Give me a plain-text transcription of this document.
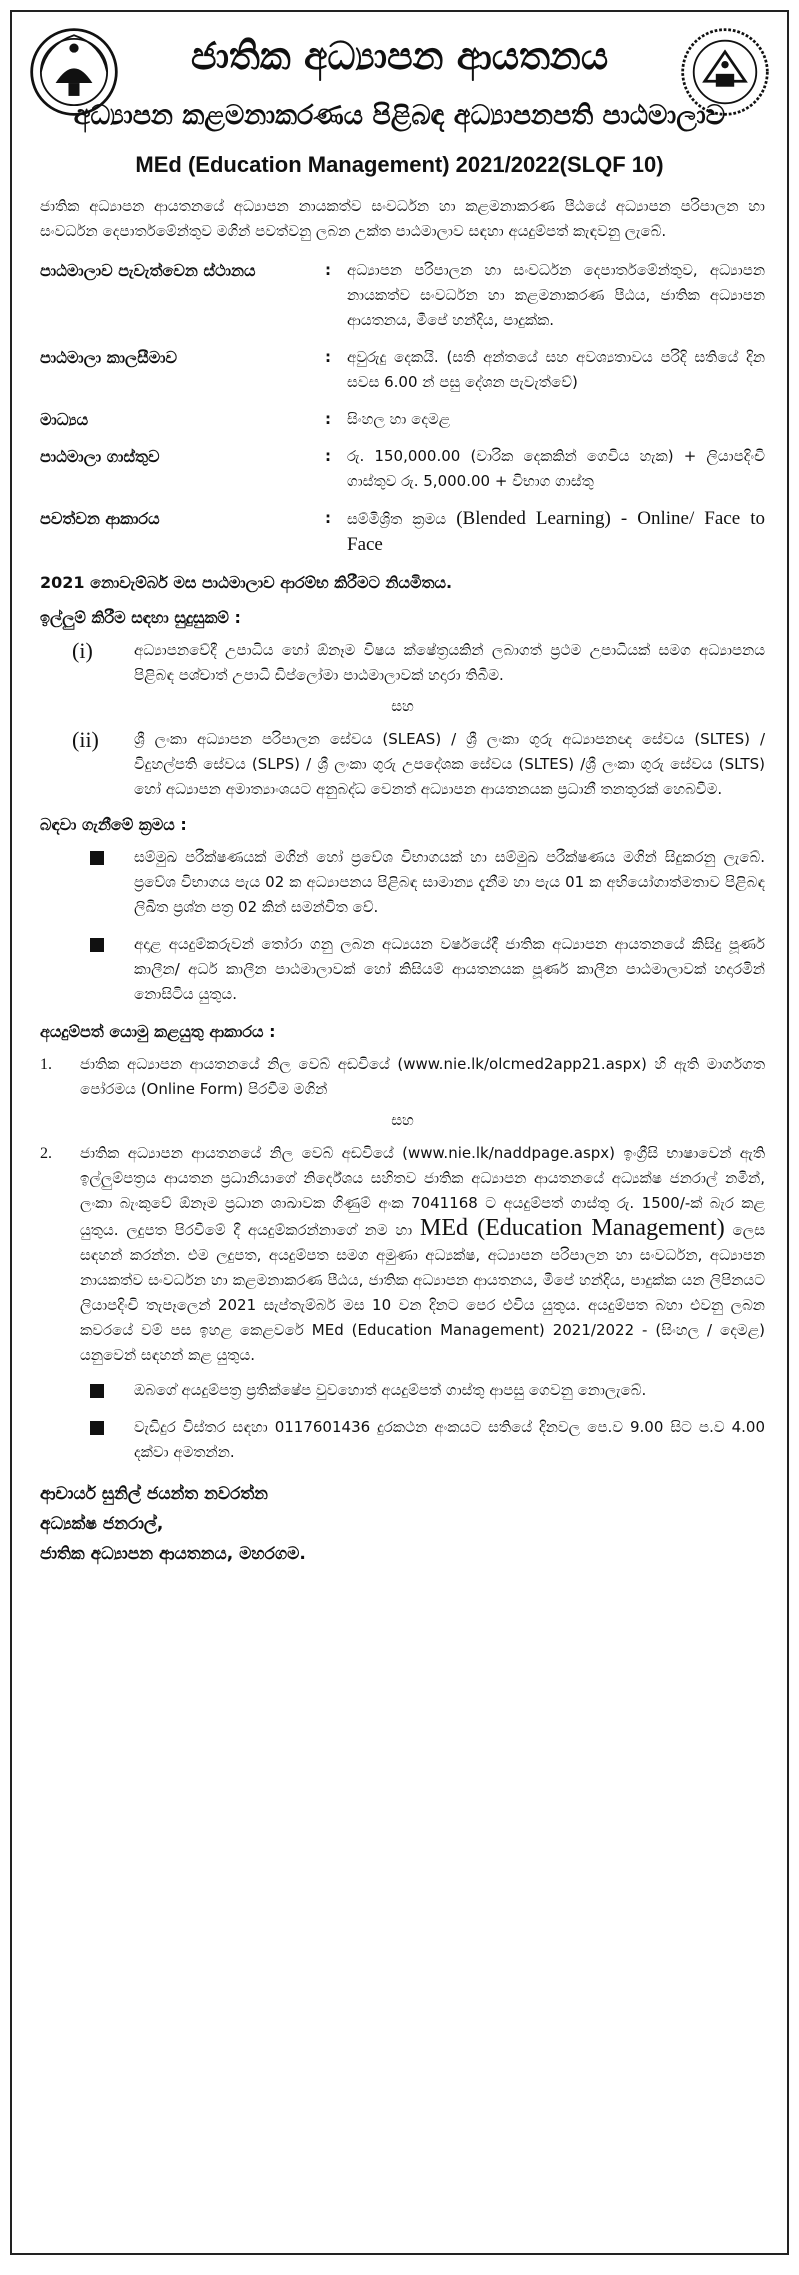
ජාතික අධ්‍යාපන ආයතනය
අධ්‍යාපන කළමනාකරණය පිළිබඳ අධ්‍යාපනපති පාඨමාලාව
MEd (Education Management) 2021/2022(SLQF 10)

ජාතික අධ්‍යාපන ආයතනයේ අධ්‍යාපන නායකත්ව සංවර්ධන හා කළමනාකරණ පීඨයේ අධ්‍යාපන පරිපාලන හා සංවර්ධන දෙපාර්තමේන්තුව මගින් පවත්වනු ලබන උක්ත පාඨමාලාව සඳහා අයදුම්පත් කැඳවනු ලැබේ.

පාඨමාලාව පැවැත්වෙන ස්ථානය	:	අධ්‍යාපන පරිපාලන හා සංවර්ධන දෙපාර්තමේන්තුව, අධ්‍යාපන නායකත්ව සංවර්ධන හා කළමනාකරණ පීඨය, ජාතික අධ්‍යාපන ආයතනය, මීපේ හන්දිය, පාදුක්ක.
පාඨමාලා කාලසීමාව	:	අවුරුදු දෙකයි. (සති අන්තයේ සහ අවශ්‍යතාවය පරිදි සතියේ දින සවස 6.00 න් පසු දේශන පැවැත්වේ)
මාධ්‍යය	:	සිංහල හා දෙමළ
පාඨමාලා ගාස්තුව	:	රු. 150,000.00 (වාරික දෙකකින් ගෙවිය හැක) + ලියාපදිංචි ගාස්තුව රු. 5,000.00 + විභාග ගාස්තු
පවත්වන ආකාරය	:	සම්මිශ්‍රිත ක්‍රමය (Blended Learning) - Online/ Face to Face
2021 නොවැම්බර් මස පාඨමාලාව ආරම්භ කිරීමට නියමිතය.
ඉල්ලුම් කිරීම සඳහා සුදුසුකම් :
(i)	අධ්‍යාපනවේදී උපාධිය හෝ ඕනෑම විෂය ක්ෂේත්‍රයකින් ලබාගත් ප්‍රථම උපාධියක් සමග අධ්‍යාපනය පිළිබඳ පශ්චාත් උපාධි ඩිප්ලෝමා පාඨමාලාවක් හදාරා තිබීම.
සහ
(ii)	ශ්‍රී ලංකා අධ්‍යාපන පරිපාලන සේවය (SLEAS) / ශ්‍රී ලංකා ගුරු අධ්‍යාපනඥ සේවය (SLTES) / විදුහල්පති සේවය (SLPS) / ශ්‍රී ලංකා ගුරු උපදේශක සේවය (SLTES) /ශ්‍රී ලංකා ගුරු සේවය (SLTS) හෝ අධ්‍යාපන අමාත්‍යාංශයට අනුබද්ධ වෙනත් අධ්‍යාපන ආයතනයක ප්‍රධානී තනතුරක් හෙබවීම.
බඳවා ගැනීමේ ක්‍රමය :
සම්මුඛ පරීක්ෂණයක් මගින් හෝ ප්‍රවේශ විභාගයක් හා සම්මුඛ පරීක්ෂණය මගින් සිදුකරනු ලැබේ. ප්‍රවේශ විභාගය පැය 02 ක අධ්‍යාපනය පිළිබඳ සාමාන්‍ය දැනීම හා පැය 01 ක අභියෝගාත්මතාව පිළිබඳ ලිඛිත ප්‍රශ්න පත්‍ර 02 කින් සමන්විත වේ.
අදාළ අයදුම්කරුවන් තෝරා ගනු ලබන අධ්‍යයන වර්ෂයේදී ජාතික අධ්‍යාපන ආයතනයේ කිසිදු පූර්ණ කාලීන/ අර්ධ කාලීන පාඨමාලාවක් හෝ කිසියම් ආයතනයක පූර්ණ කාලීන පාඨමාලාවක් හදාරමින් නොසිටිය යුතුය.
අයදුම්පත් යොමු කළයුතු ආකාරය :
1.	ජාතික අධ්‍යාපන ආයතනයේ නිල වෙබ් අඩවියේ (www.nie.lk/olcmed2app21.aspx) හි ඇති මාර්ගගත පෝරමය (Online Form) පිරවීම මගින්
සහ
2.	ජාතික අධ්‍යාපන ආයතනයේ නිල වෙබ් අඩවියේ (www.nie.lk/naddpage.aspx) ඉංග්‍රීසි භාෂාවෙන් ඇති ඉල්ලුම්පත්‍රය ආයතන ප්‍රධානියාගේ නිර්දේශය සහිතව ජාතික අධ්‍යාපන ආයතනයේ අධ්‍යක්ෂ ජනරාල් නමින්, ලංකා බැංකුවේ ඕනෑම ප්‍රධාන ශාඛාවක ගිණුම් අංක 7041168 ට අයදුම්පත් ගාස්තු රු. 1500/-ක් බැර කළ යුතුය. ලදුපත පිරවීමේ දී අයදුම්කරන්නාගේ නම හා MEd (Education Management) ලෙස සඳහන් කරන්න. එම ලදුපත, අයදුම්පත සමග අමුණා අධ්‍යක්ෂ, අධ්‍යාපන පරිපාලන හා සංවර්ධන, අධ්‍යාපන නායකත්ව සංවර්ධන හා කළමනාකරණ පීඨය, ජාතික අධ්‍යාපන ආයතනය, මීපේ හන්දිය, පාදුක්ක යන ලිපිනයට ලියාපදිංචි තැපෑලෙන් 2021 සැප්තැම්බර් මස 10 වන දිනට පෙර එවිය යුතුය. අයදුම්පත බහා එවනු ලබන කවරයේ වම් පස ඉහළ කෙළවරේ MEd (Education Management) 2021/2022 - (සිංහල / දෙමළ) යනුවෙන් සඳහන් කළ යුතුය.
ඔබගේ අයදුම්පත්‍ර ප්‍රතික්ෂේප වුවහොත් අයදුම්පත් ගාස්තු ආපසු ගෙවනු නොලැබේ.
වැඩිදුර විස්තර සඳහා 0117601436 දුරකථන අංකයට සතියේ දිනවල පෙ.ව 9.00 සිට ප.ව 4.00 දක්වා අමතන්න.
ආචාර්ය සුනිල් ජයන්ත නවරත්න
අධ්‍යක්ෂ ජනරාල්,
ජාතික අධ්‍යාපන ආයතනය, මහරගම.
